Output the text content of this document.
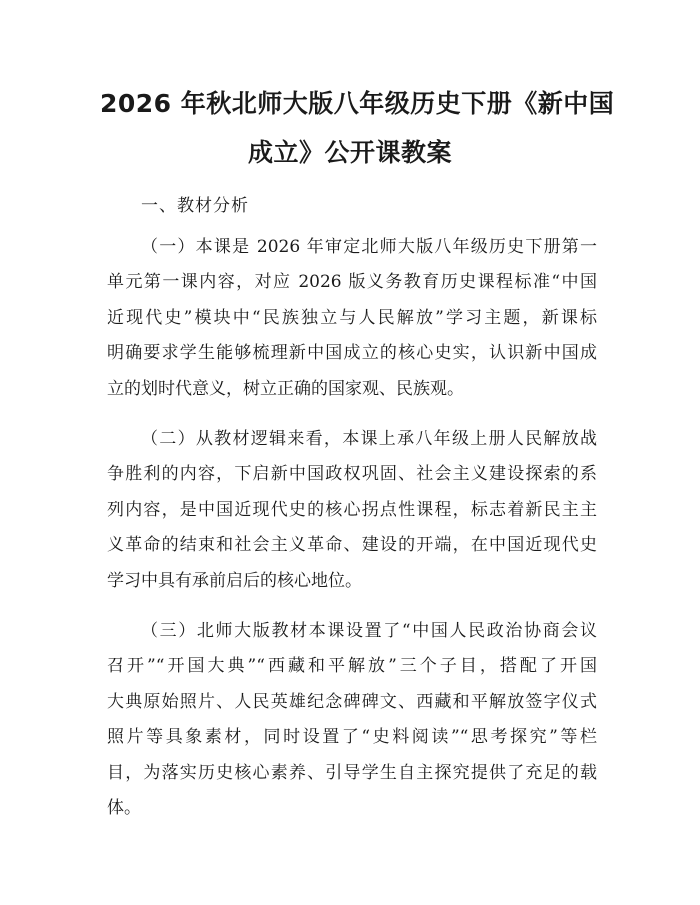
2026 年秋北师大版八年级历史下册《新中国
成立》公开课教案
一、教材分析
（一）本课是 2026 年审定北师大版八年级历史下册第一
单元第一课内容，对应 2026 版义务教育历史课程标准“中国
近现代史”模块中“民族独立与人民解放”学习主题，新课标
明确要求学生能够梳理新中国成立的核心史实，认识新中国成
立的划时代意义，树立正确的国家观、民族观。
（二）从教材逻辑来看，本课上承八年级上册人民解放战
争胜利的内容，下启新中国政权巩固、社会主义建设探索的系
列内容，是中国近现代史的核心拐点性课程，标志着新民主主
义革命的结束和社会主义革命、建设的开端，在中国近现代史
学习中具有承前启后的核心地位。
（三）北师大版教材本课设置了“中国人民政治协商会议
召开”“开国大典”“西藏和平解放”三个子目，搭配了开国
大典原始照片、人民英雄纪念碑碑文、西藏和平解放签字仪式
照片等具象素材，同时设置了“史料阅读”“思考探究”等栏
目，为落实历史核心素养、引导学生自主探究提供了充足的载
体。
